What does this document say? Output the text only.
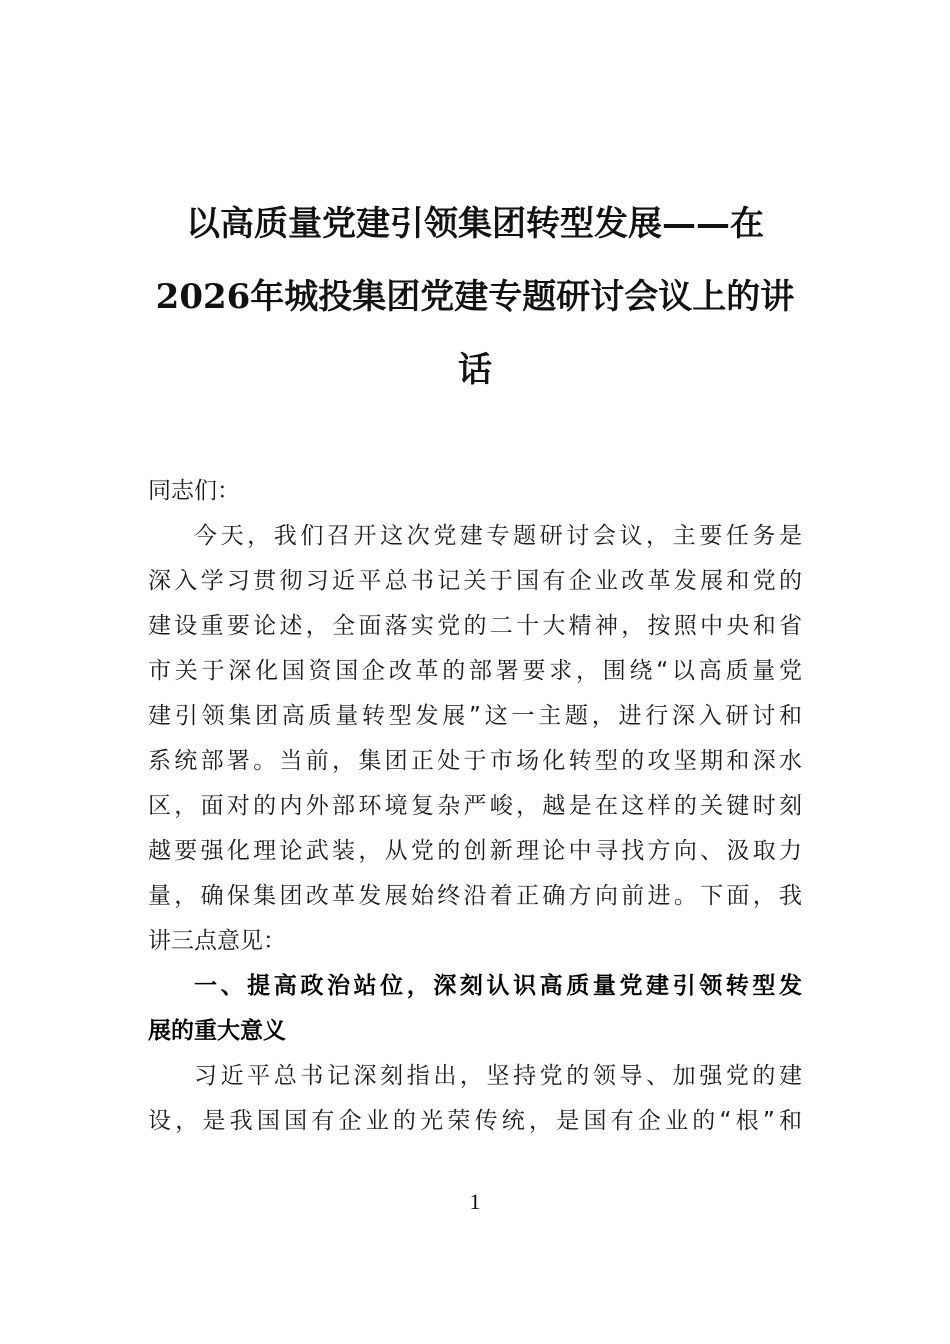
以高质量党建引领集团转型发展——在
2026年城投集团党建专题研讨会议上的讲
话
同志们：
今天，我们召开这次党建专题研讨会议，主要任务是
深入学习贯彻习近平总书记关于国有企业改革发展和党的
建设重要论述，全面落实党的二十大精神，按照中央和省
市关于深化国资国企改革的部署要求，围绕“以高质量党
建引领集团高质量转型发展”这一主题，进行深入研讨和
系统部署。当前，集团正处于市场化转型的攻坚期和深水
区，面对的内外部环境复杂严峻，越是在这样的关键时刻
越要强化理论武装，从党的创新理论中寻找方向、汲取力
量，确保集团改革发展始终沿着正确方向前进。下面，我
讲三点意见：
一、提高政治站位，深刻认识高质量党建引领转型发
展的重大意义
习近平总书记深刻指出，坚持党的领导、加强党的建
设，是我国国有企业的光荣传统，是国有企业的“根”和
1
